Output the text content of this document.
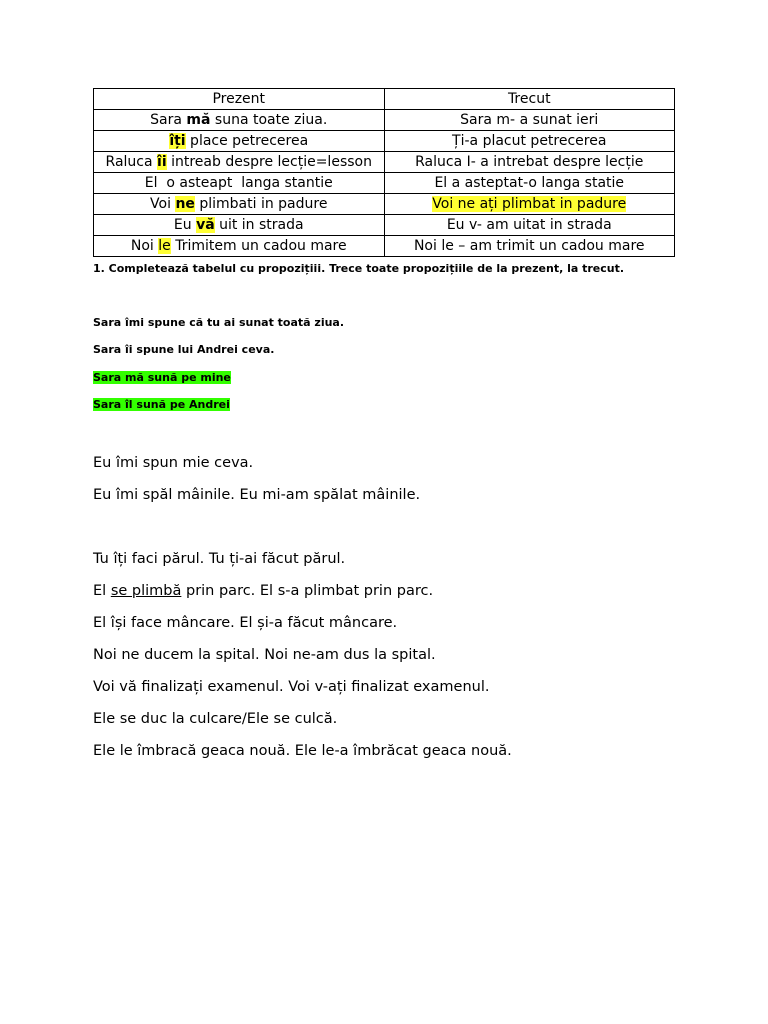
Prezent	Trecut
Sara mă suna toate ziua.	Sara m- a sunat ieri
îți place petrecerea	Ți-a placut petrecerea
Raluca îi intreab despre lecție=lesson	Raluca I- a intrebat despre lecție
El  o asteapt  langa stantie	El a asteptat-o langa statie
Voi ne plimbati in padure	Voi ne ați plimbat in padure
Eu vă uit in strada	Eu v- am uitat in strada
Noi le Trimitem un cadou mare	Noi le – am trimit un cadou mare
1. Completează tabelul cu propozițiii. Trece toate propozițiile de la prezent, la trecut.
Sara îmi spune că tu ai sunat toată ziua.
Sara îi spune lui Andrei ceva.
Sara mă sună pe mine
Sara îl sună pe Andrei
Eu îmi spun mie ceva.
Eu îmi spăl mâinile. Eu mi-am spălat mâinile.
Tu îți faci părul. Tu ți-ai făcut părul.
El se plimbă prin parc. El s-a plimbat prin parc.
El își face mâncare. El și-a făcut mâncare.
Noi ne ducem la spital. Noi ne-am dus la spital.
Voi vă finalizați examenul. Voi v-ați finalizat examenul.
Ele se duc la culcare/Ele se culcă.
Ele le îmbracă geaca nouă. Ele le-a îmbrăcat geaca nouă.
